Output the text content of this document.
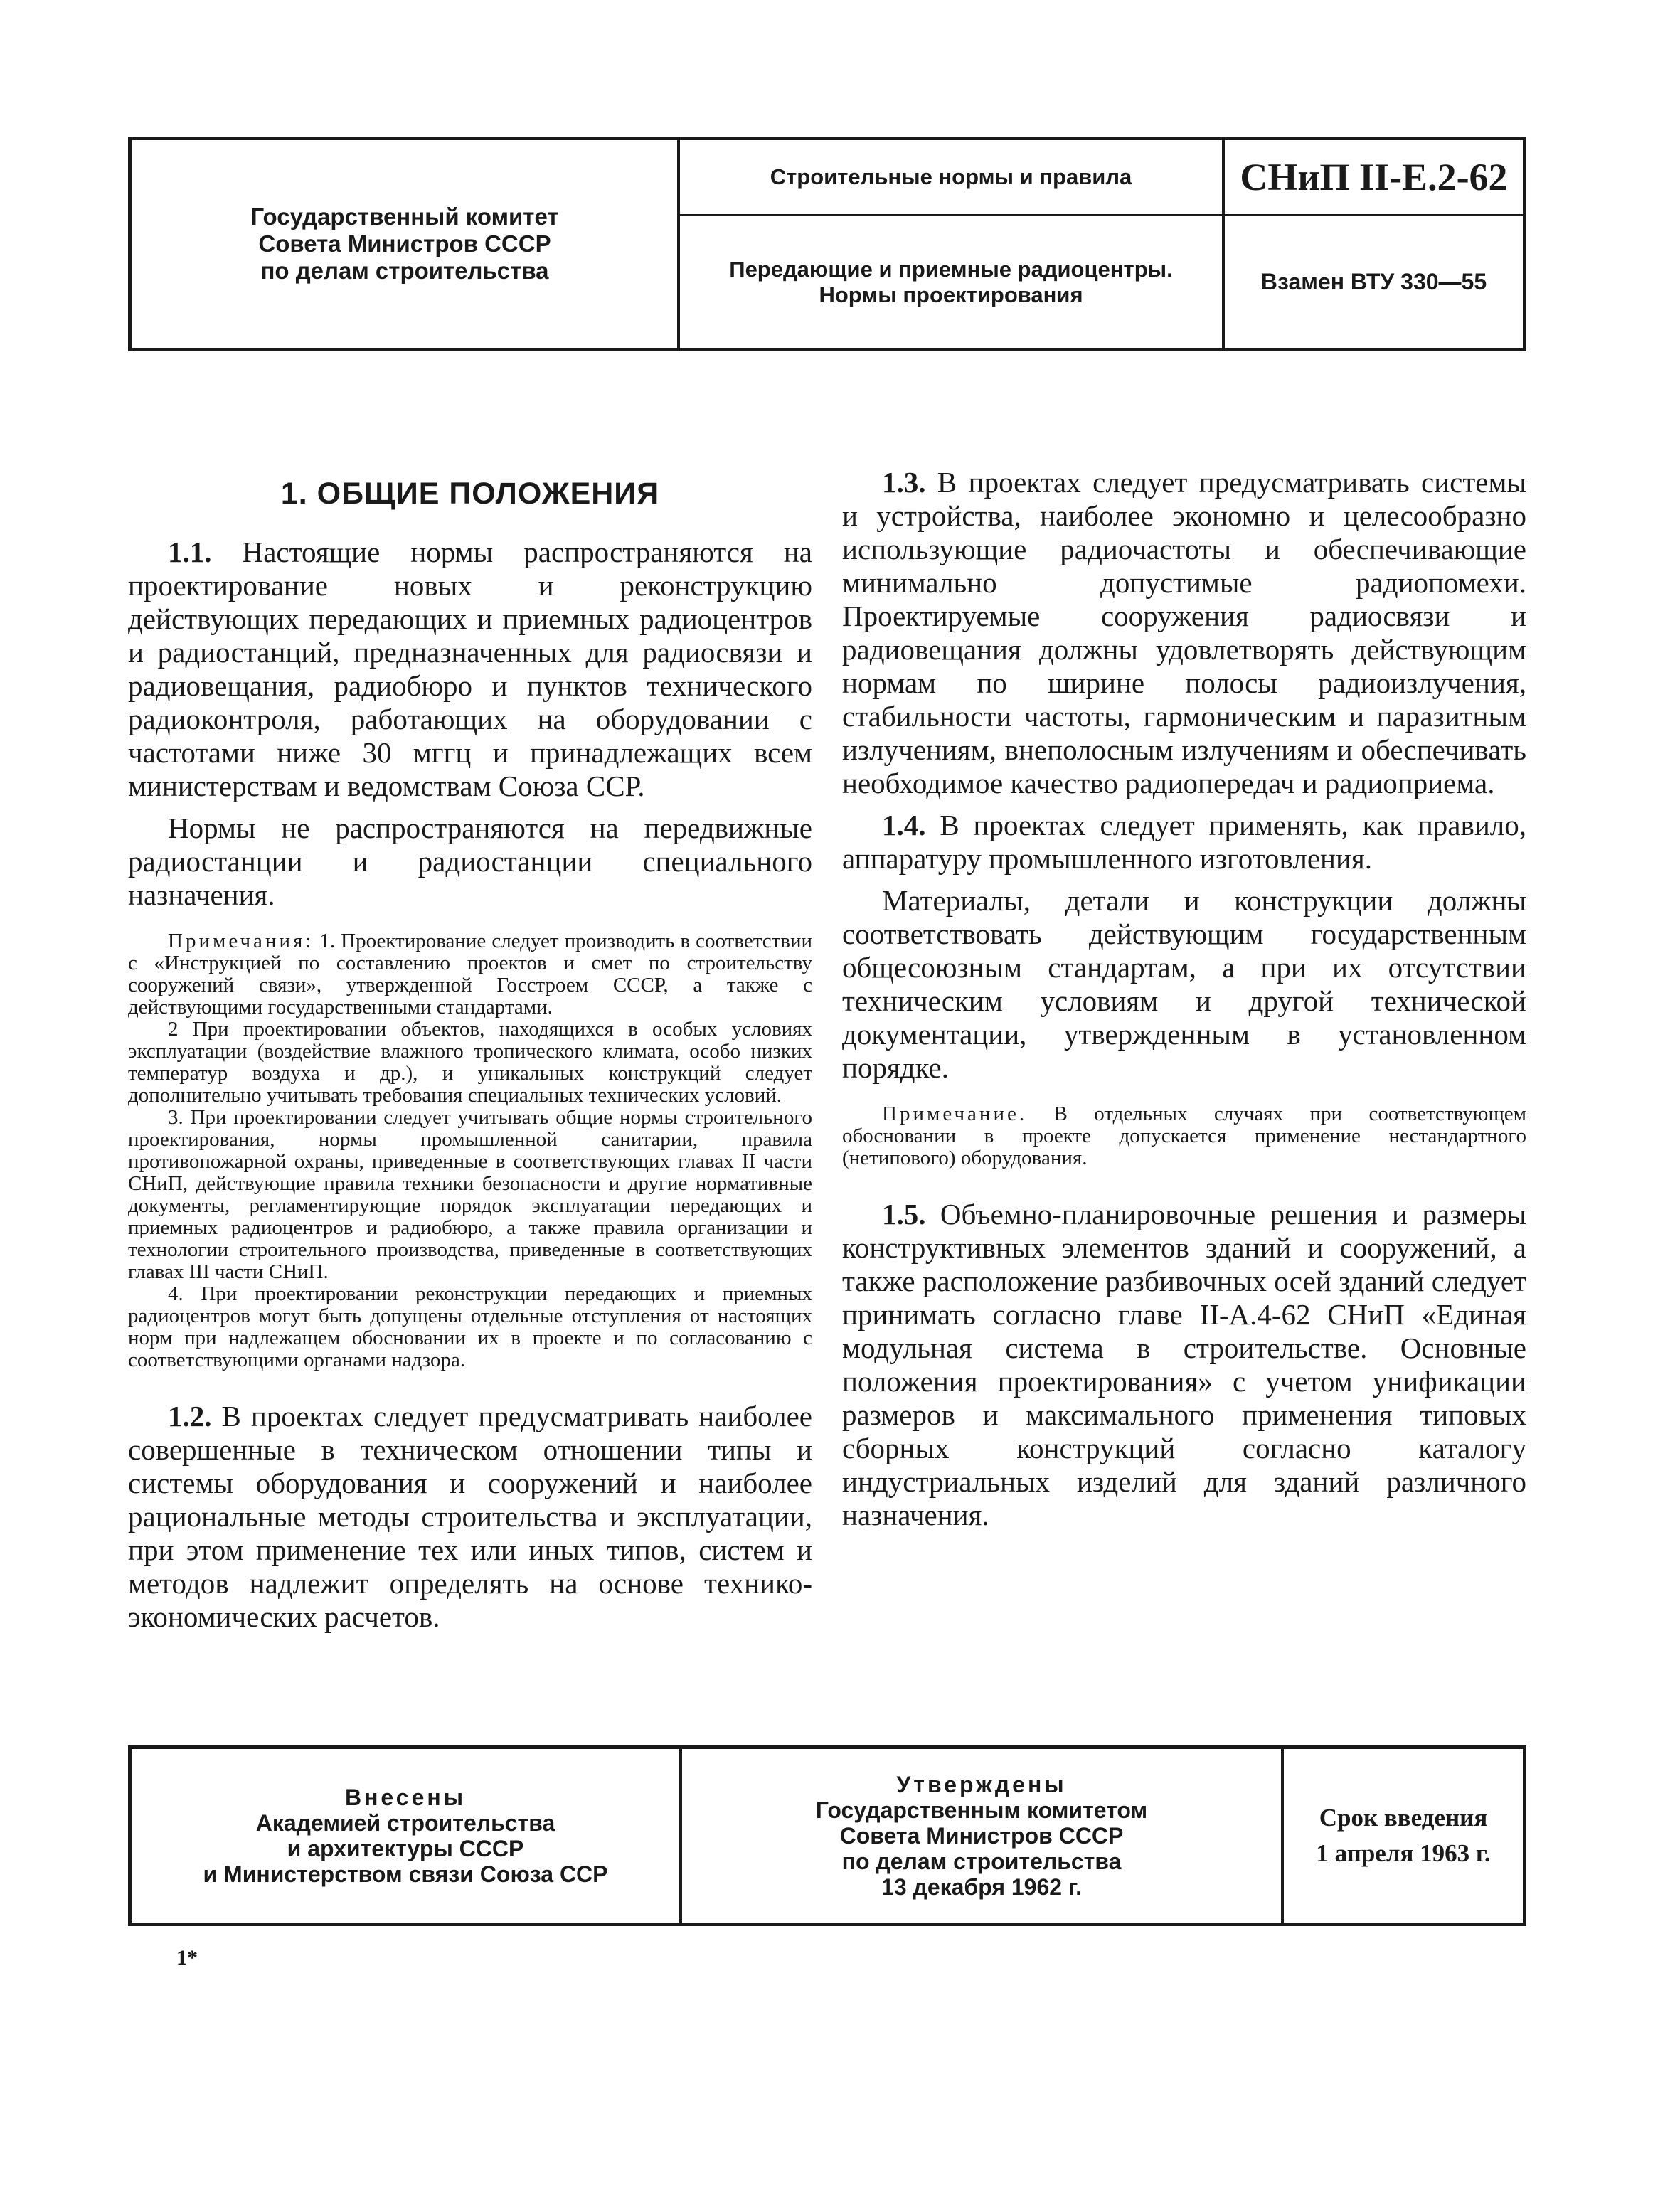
Государственный комитет
Совета Министров СССР
по делам строительства
Строительные нормы и правила
Передающие и приемные радиоцентры.
Нормы проектирования
СНиП II-Е.2-62
Взамен ВТУ 330—55
1. ОБЩИЕ ПОЛОЖЕНИЯ

1.1. Настоящие нормы распространяются на проектирование новых и реконструкцию действующих передающих и приемных радиоцентров и радиостанций, предназначенных для радиосвязи и радиовещания, радиобюро и пунктов технического радиоконтроля, работающих на оборудовании с частотами ниже 30 мггц и принадлежащих всем министерствам и ведомствам Союза ССР.

Нормы не распространяются на передвижные радиостанции и радиостанции специального назначения.

Примечания: 1. Проектирование следует производить в соответствии с «Инструкцией по составлению проектов и смет по строительству сооружений связи», утвержденной Госстроем СССР, а также с действующими государственными стандартами.

2 При проектировании объектов, находящихся в особых условиях эксплуатации (воздействие влажного тропического климата, особо низких температур воздуха и др.), и уникальных конструкций следует дополнительно учитывать требования специальных технических условий.

3. При проектировании следует учитывать общие нормы строительного проектирования, нормы промышленной санитарии, правила противопожарной охраны, приведенные в соответствующих главах II части СНиП, действующие правила техники безопасности и другие нормативные документы, регламентирующие порядок эксплуатации передающих и приемных радиоцентров и радиобюро, а также правила организации и технологии строительного производства, приведенные в соответствующих главах III части СНиП.

4. При проектировании реконструкции передающих и приемных радиоцентров могут быть допущены отдельные отступления от настоящих норм при надлежащем обосновании их в проекте и по согласованию с соответствующими органами надзора.

1.2. В проектах следует предусматривать наиболее совершенные в техническом отношении типы и системы оборудования и сооружений и наиболее рациональные методы строительства и эксплуатации, при этом применение тех или иных типов, систем и методов надлежит определять на основе технико-экономических расчетов.

1.3. В проектах следует предусматривать системы и устройства, наиболее экономно и целесообразно использующие радиочастоты и обеспечивающие минимально допустимые радиопомехи. Проектируемые сооружения радиосвязи и радиовещания должны удовлетворять действующим нормам по ширине полосы радиоизлучения, стабильности частоты, гармоническим и паразитным излучениям, внеполосным излучениям и обеспечивать необходимое качество радиопередач и радиоприема.

1.4. В проектах следует применять, как правило, аппаратуру промышленного изготовления.

Материалы, детали и конструкции должны соответствовать действующим государственным общесоюзным стандартам, а при их отсутствии техническим условиям и другой технической документации, утвержденным в установленном порядке.

Примечание. В отдельных случаях при соответствующем обосновании в проекте допускается применение нестандартного (нетипового) оборудования.

1.5. Объемно-планировочные решения и размеры конструктивных элементов зданий и сооружений, а также расположение разбивочных осей зданий следует принимать согласно главе II-А.4-62 СНиП «Единая модульная система в строительстве. Основные положения проектирования» с учетом унификации размеров и максимального применения типовых сборных конструкций согласно каталогу индустриальных изделий для зданий различного назначения.

Внесены
Академией строительства
и архитектуры СССР
и Министерством связи Союза ССР
Утверждены
Государственным комитетом
Совета Министров СССР
по делам строительства
13 декабря 1962 г.
Срок введения
1 апреля 1963 г.
1*
